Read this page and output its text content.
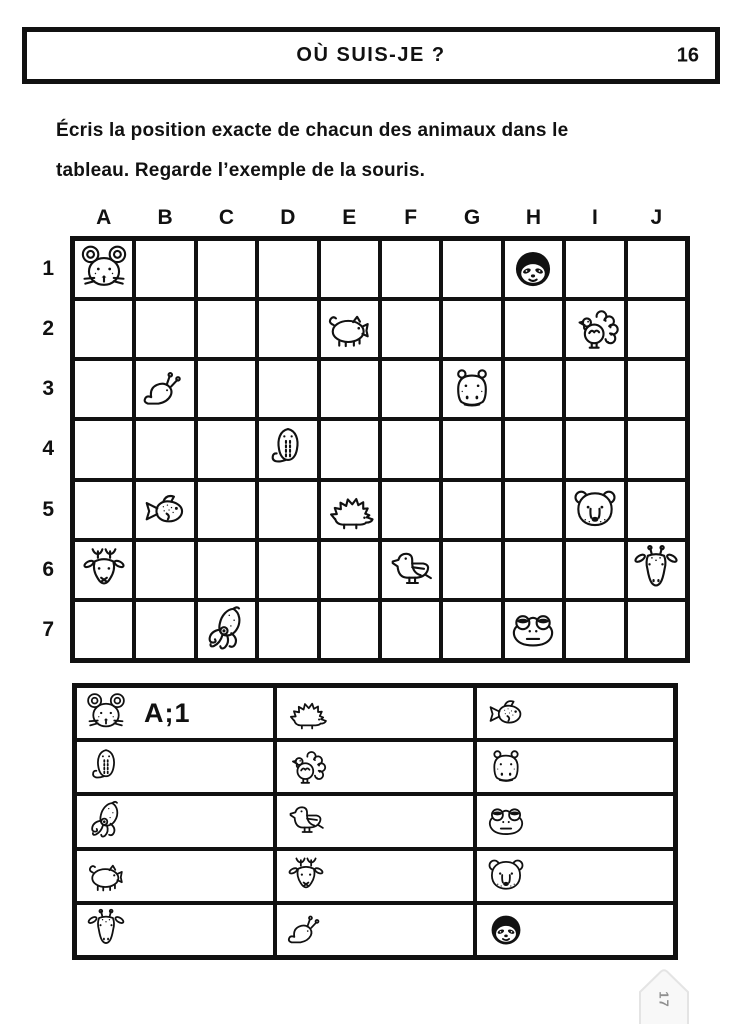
OÙ SUIS-JE ?	16
Écris la position exacte de chacun des animaux dans le
tableau. Regarde l’exemple de la souris.
A	B	C	D	E	F	G	H	I	J
1
2
3
4
5
6
7
A;1
17
